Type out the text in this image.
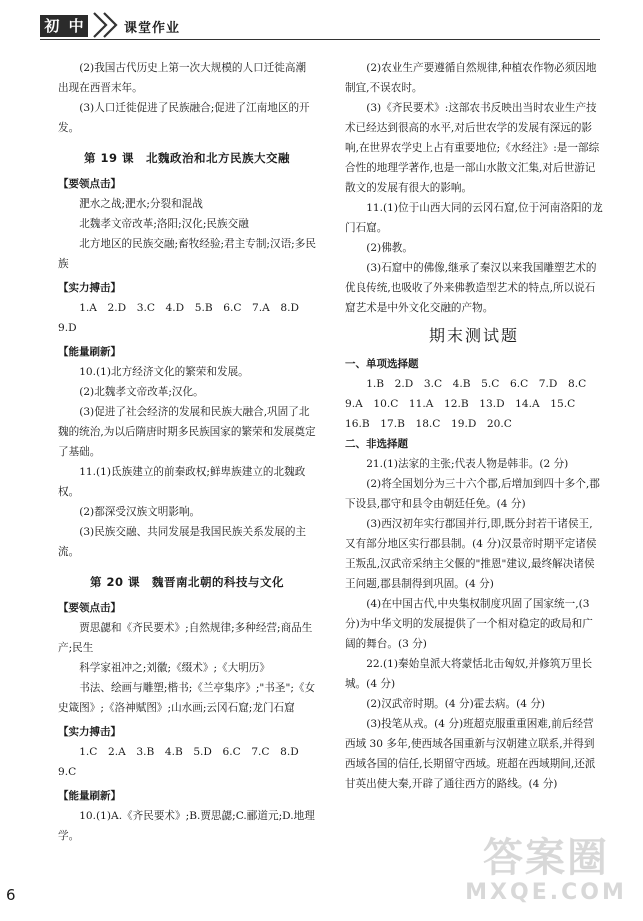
初 中	课堂作业

(2)我国古代历史上第一次大规模的人口迁徙高潮出现在西晋末年。

(3)人口迁徙促进了民族融合;促进了江南地区的开发。

第 19 课　北魏政治和北方民族大交融

【要领点击】

淝水之战;淝水;分裂和混战

北魏孝文帝改革;洛阳;汉化;民族交融

北方地区的民族交融;畜牧经验;君主专制;汉语;多民族

【实力搏击】

1.A　2.D　3.C　4.D　5.B　6.C　7.A　8.D　9.D

【能量刷新】

10.(1)北方经济文化的繁荣和发展。

(2)北魏孝文帝改革;汉化。

(3)促进了社会经济的发展和民族大融合,巩固了北魏的统治,为以后隋唐时期多民族国家的繁荣和发展奠定了基础。

11.(1)氐族建立的前秦政权;鲜卑族建立的北魏政权。

(2)都深受汉族文明影响。

(3)民族交融、共同发展是我国民族关系发展的主流。

第 20 课　魏晋南北朝的科技与文化

【要领点击】

贾思勰和《齐民要术》;自然规律;多种经营;商品生产;民生

科学家祖冲之;刘徽;《缀术》;《大明历》

书法、绘画与雕塑;楷书;《兰亭集序》;"书圣";《女史箴图》;《洛神赋图》;山水画;云冈石窟;龙门石窟

【实力搏击】

1.C　2.A　3.B　4.B　5.D　6.C　7.C　8.D　9.C

【能量刷新】

10.(1)A.《齐民要术》;B.贾思勰;C.郦道元;D.地理学。

(2)农业生产要遵循自然规律,种植农作物必须因地制宜,不误农时。

(3)《齐民要术》:这部农书反映出当时农业生产技术已经达到很高的水平,对后世农学的发展有深远的影响,在世界农学史上占有重要地位;《水经注》:是一部综合性的地理学著作,也是一部山水散文汇集,对后世游记散文的发展有很大的影响。

11.(1)位于山西大同的云冈石窟,位于河南洛阳的龙门石窟。

(2)佛教。

(3)石窟中的佛像,继承了秦汉以来我国雕塑艺术的优良传统,也吸收了外来佛教造型艺术的特点,所以说石窟艺术是中外文化交融的产物。

期末测试题

一、单项选择题

1.B　2.D　3.C　4.B　5.C　6.C　7.D　8.C　9.A　10.C　11.A　12.B　13.D　14.A　15.C　16.B　17.B　18.C　19.D　20.C

二、非选择题

21.(1)法家的主张;代表人物是韩非。(2 分)

(2)将全国划分为三十六个郡,后增加到四十多个,郡下设县,郡守和县令由朝廷任免。(4 分)

(3)西汉初年实行郡国并行,即,既分封若干诸侯王,又有部分地区实行郡县制。(4 分)汉景帝时期平定诸侯王叛乱,汉武帝采纳主父偃的"推恩"建议,最终解决诸侯王问题,郡县制得到巩固。(4 分)

(4)在中国古代,中央集权制度巩固了国家统一,(3 分)为中华文明的发展提供了一个相对稳定的政局和广阔的舞台。(3 分)

22.(1)秦始皇派大将蒙恬北击匈奴,并修筑万里长城。(4 分)

(2)汉武帝时期。(4 分)霍去病。(4 分)

(3)投笔从戎。(4 分)班超克服重重困难,前后经营西域 30 多年,使西域各国重新与汉朝建立联系,并得到西域各国的信任,长期留守西域。班超在西域期间,还派甘英出使大秦,开辟了通往西方的路线。(4 分)

6
答案圈
MXQE.COM
